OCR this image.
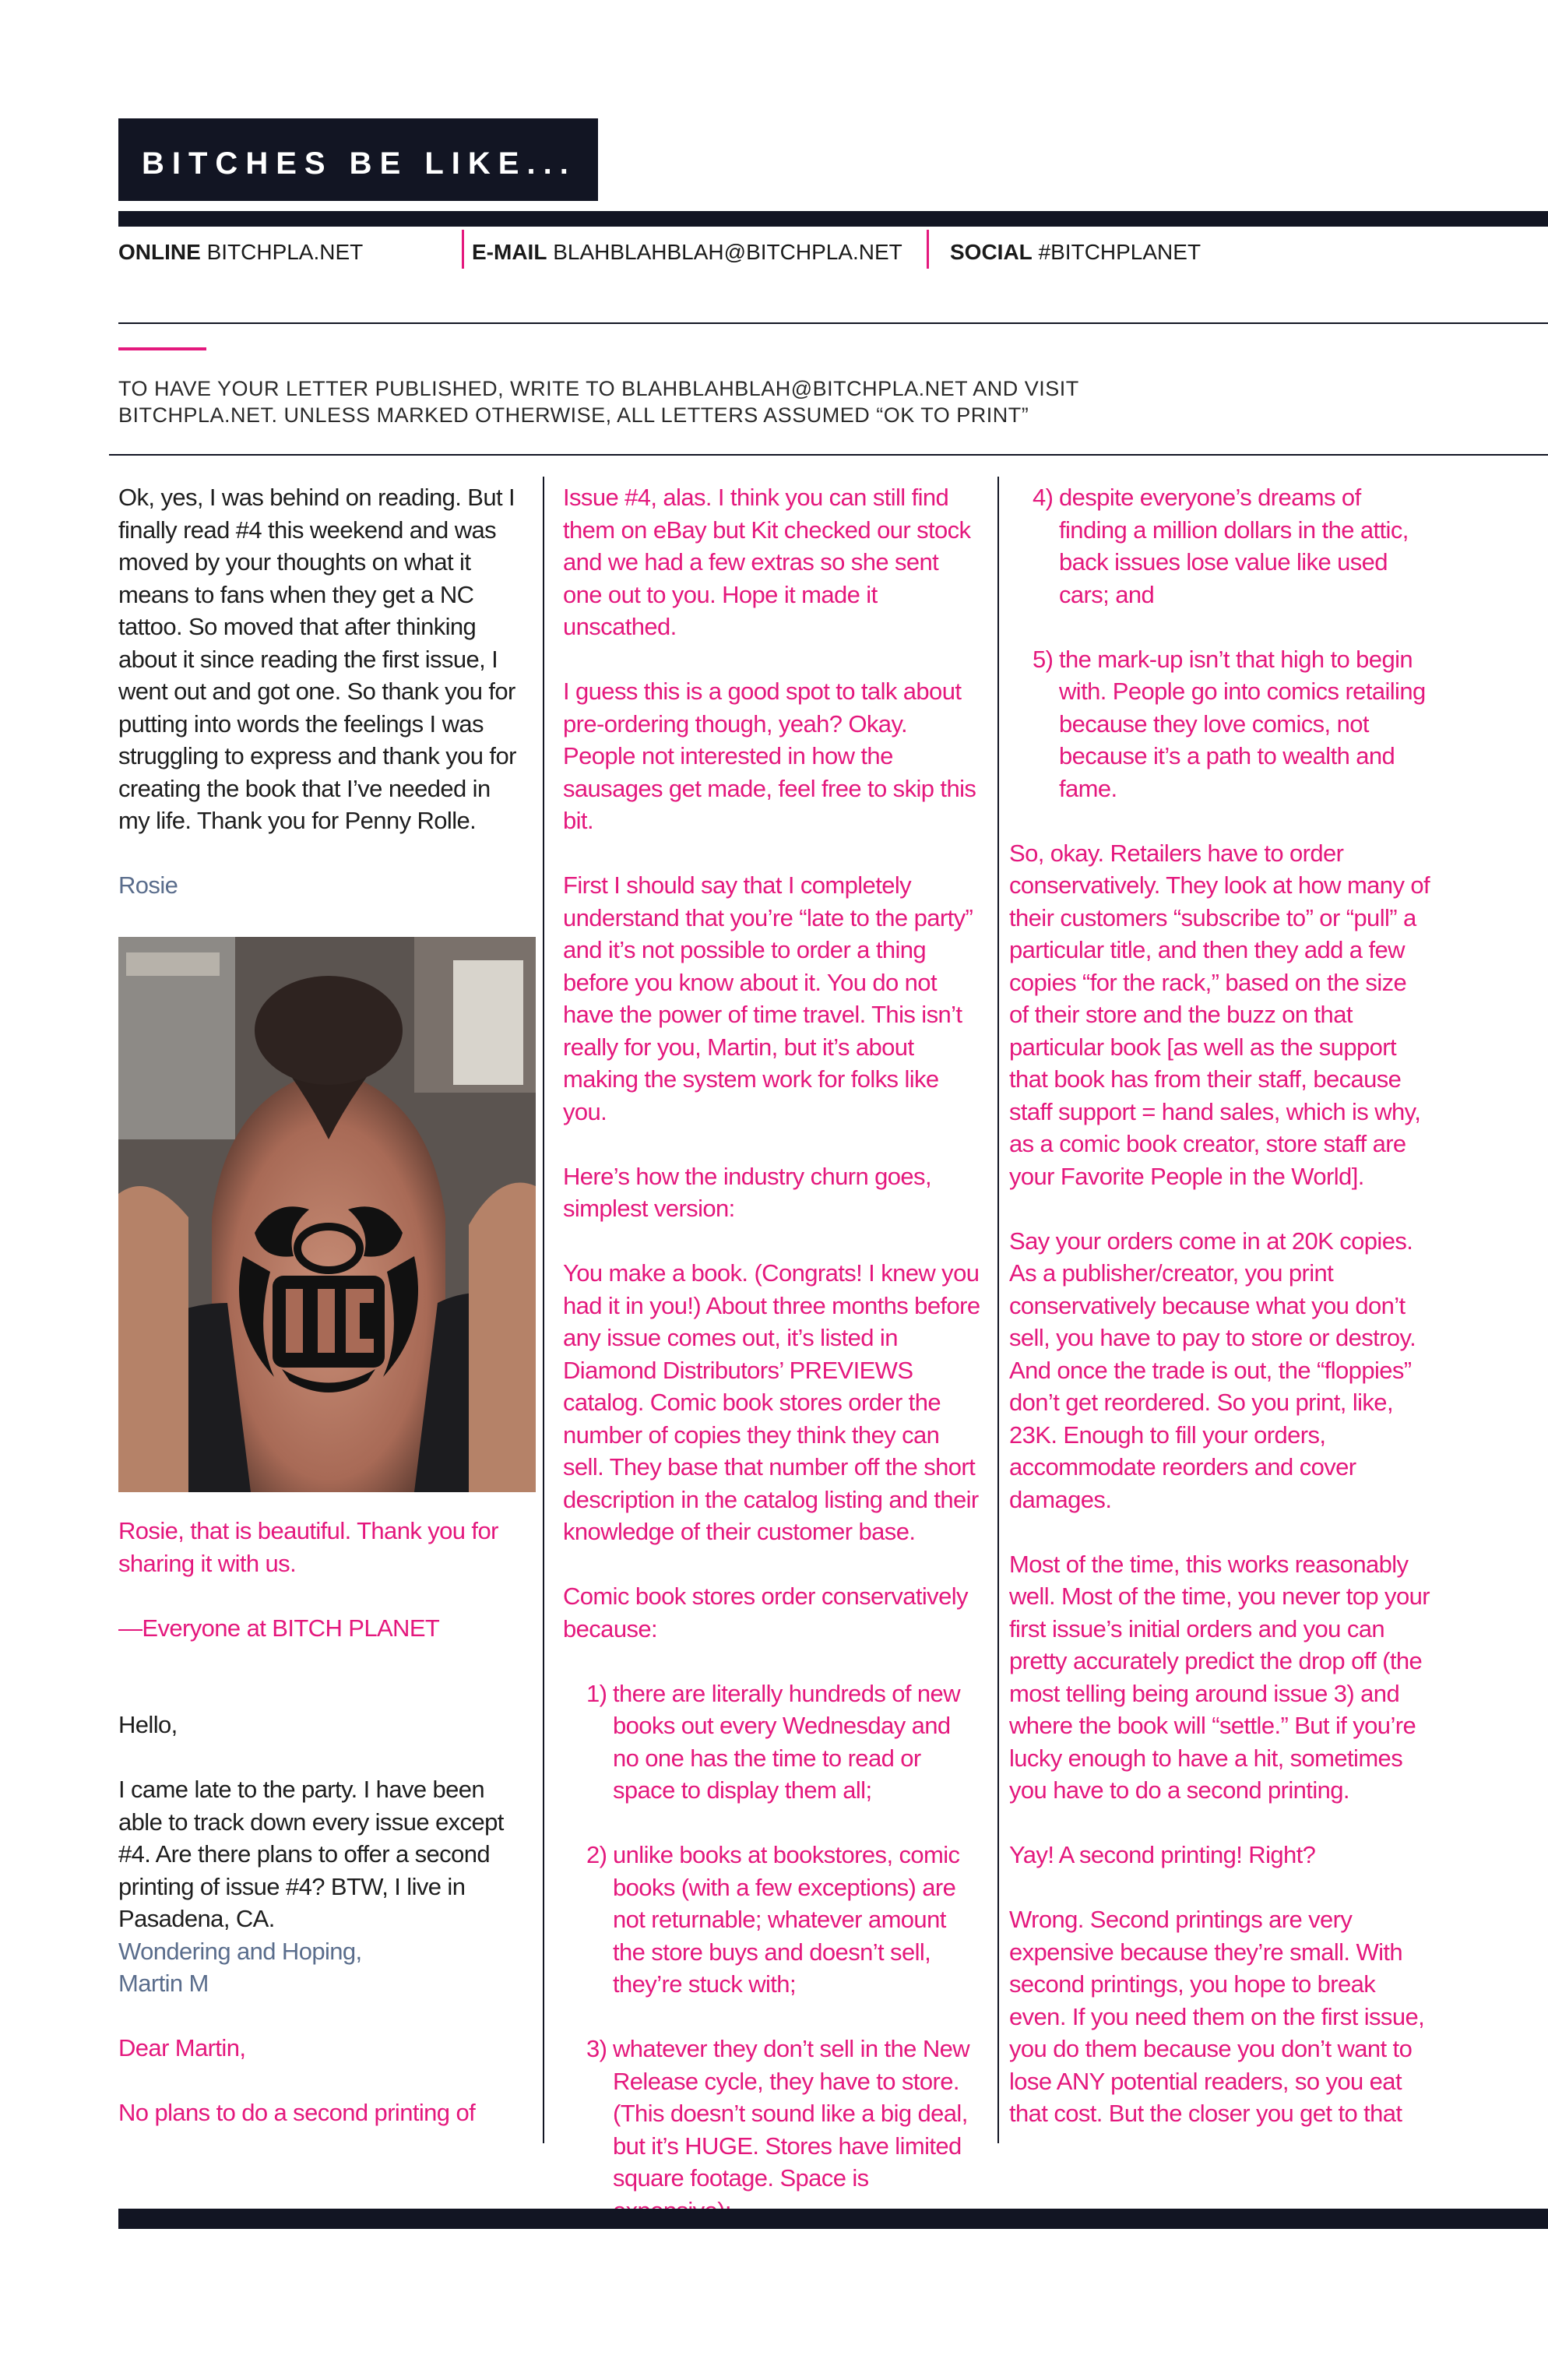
BITCHES BE LIKE...
ONLINE BITCHPLA.NET	E-MAIL BLAHBLAHBLAH@BITCHPLA.NET SOCIAL #BITCHPLANET
TO HAVE YOUR LETTER PUBLISHED, WRITE TO BLAHBLAHBLAH@BITCHPLA.NET AND VISIT
BITCHPLA.NET. UNLESS MARKED OTHERWISE, ALL LETTERS ASSUMED “OK TO PRINT”

Ok, yes, I was behind on reading. But I finally read #4 this weekend and was moved by your thoughts on what it means to fans when they get a NC tattoo. So moved that after thinking about it since reading the first issue, I went out and got one. So thank you for putting into words the feelings I was struggling to express and thank you for creating the book that I’ve needed in my life. Thank you for Penny Rolle.

Rosie

Rosie, that is beautiful. Thank you for sharing it with us.

—Everyone at BITCH PLANET

Hello,

I came late to the party. I have been able to track down every issue except #4. Are there plans to offer a second printing of issue #4? BTW, I live in Pasadena, CA.

Wondering and Hoping,

Martin M

Dear Martin,

No plans to do a second printing of

Issue #4, alas. I think you can still find them on eBay but Kit checked our stock and we had a few extras so she sent one out to you. Hope it made it unscathed.

I guess this is a good spot to talk about pre-ordering though, yeah? Okay. People not interested in how the sausages get made, feel free to skip this bit.

First I should say that I completely understand that you’re “late to the party” and it’s not possible to order a thing before you know about it. You do not have the power of time travel. This isn’t really for you, Martin, but it’s about making the system work for folks like you.

Here’s how the industry churn goes, simplest version:

You make a book. (Congrats! I knew you had it in you!) About three months before any issue comes out, it’s listed in Diamond Distributors’ PREVIEWS catalog. Comic book stores order the number of copies they think they can sell. They base that number off the short description in the catalog listing and their knowledge of their customer base.

Comic book stores order conservatively because:

1) there are literally hundreds of new books out every Wednesday and no one has the time to read or space to display them all;
2) unlike books at bookstores, comic books (with a few exceptions) are not returnable; whatever amount the store buys and doesn’t sell, they’re stuck with;
3) whatever they don’t sell in the New Release cycle, they have to store. (This doesn’t sound like a big deal, but it’s HUGE. Stores have limited square footage. Space is
4) despite everyone’s dreams of finding a million dollars in the attic, back issues lose value like used cars; and
5) the mark-up isn’t that high to begin with. People go into comics retailing because they love comics, not because it’s a path to wealth and fame.

So, okay. Retailers have to order conservatively. They look at how many of their customers “subscribe to” or “pull” a particular title, and then they add a few copies “for the rack,” based on the size of their store and the buzz on that particular book [as well as the support that book has from their staff, because staff support = hand sales, which is why, as a comic book creator, store staff are your Favorite People in the World].

Say your orders come in at 20K copies. As a publisher/creator, you print conservatively because what you don’t sell, you have to pay to store or destroy. And once the trade is out, the “floppies” don’t get reordered. So you print, like, 23K. Enough to fill your orders, accommodate reorders and cover damages.

Most of the time, this works reasonably well. Most of the time, you never top your first issue’s initial orders and you can pretty accurately predict the drop off (the most telling being around issue 3) and where the book will “settle.” But if you’re lucky enough to have a hit, sometimes you have to do a second printing.

Yay! A second printing! Right?

Wrong. Second printings are very expensive because they’re small. With second printings, you hope to break even. If you need them on the first issue, you do them because you don’t want to lose ANY potential readers, so you eat that cost. But the closer you get to that
